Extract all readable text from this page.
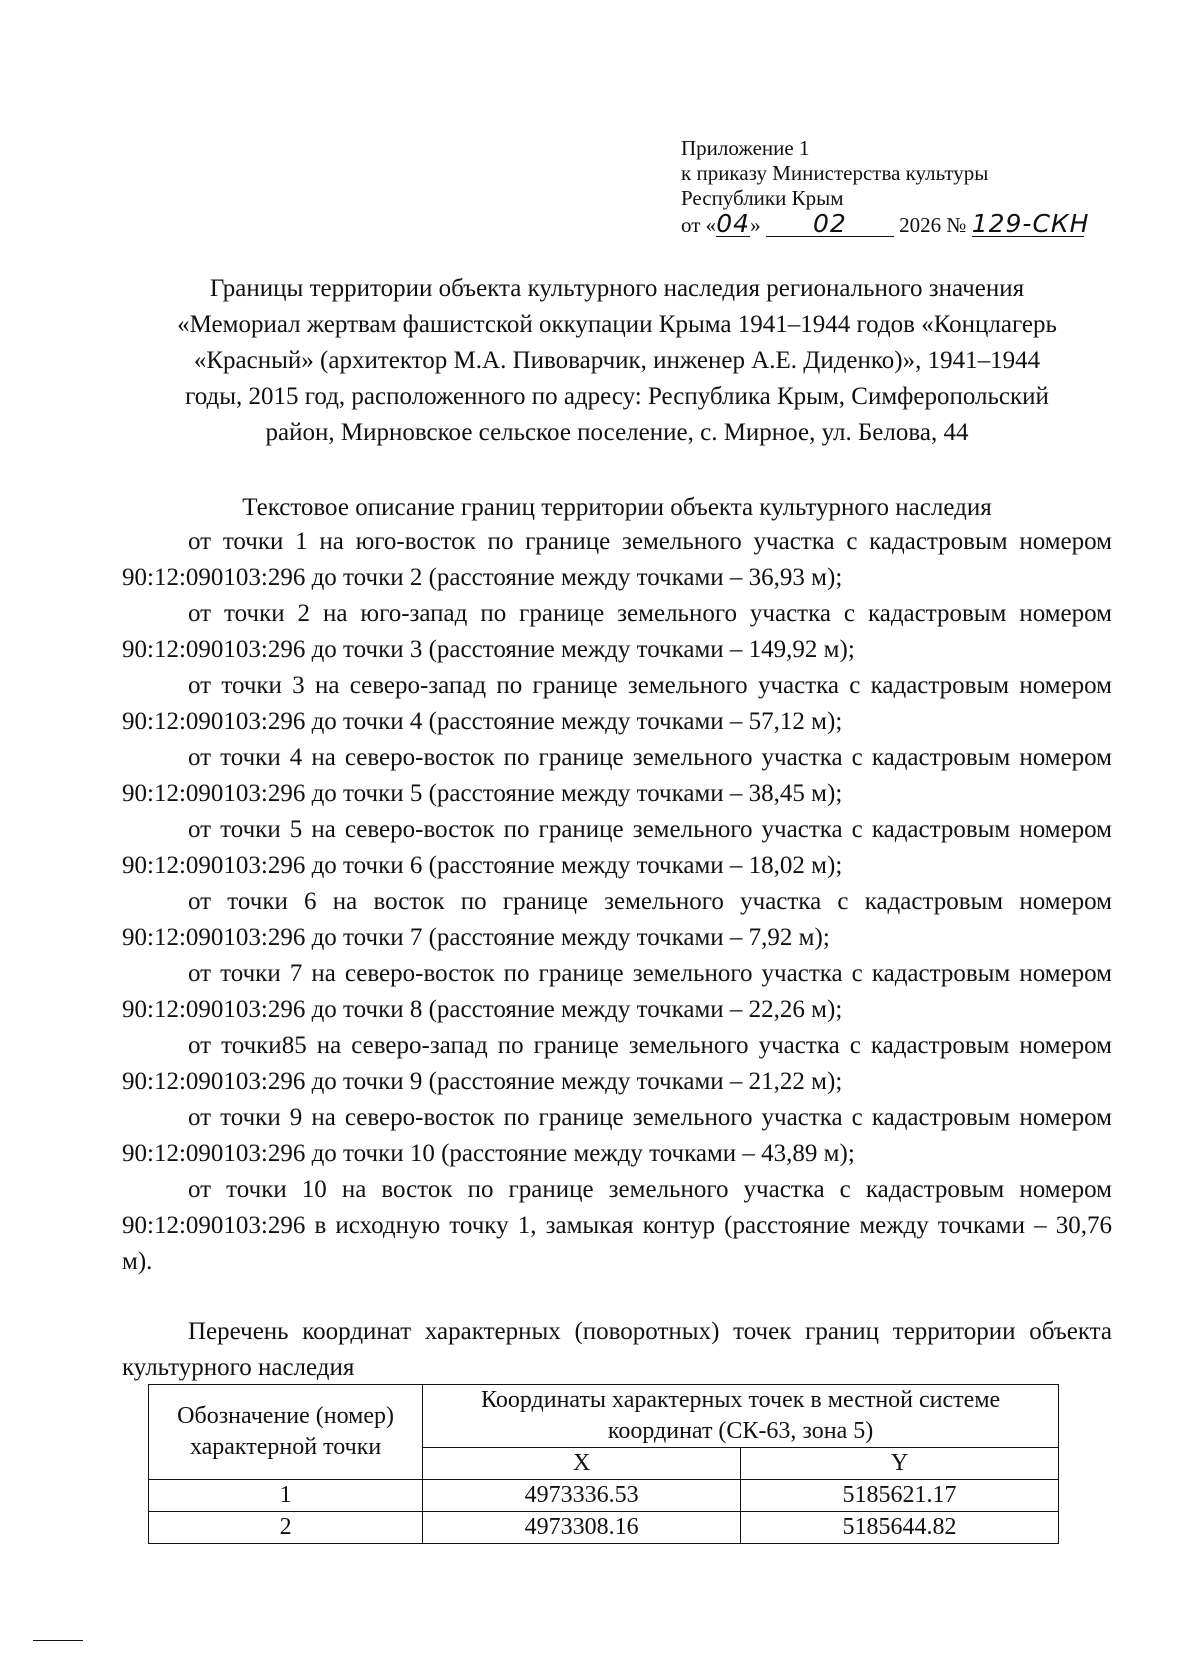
Приложение 1
к приказу Министерства культуры
Республики Крым
от «04» 02 2026 № 129-СКН
Границы территории объекта культурного наследия регионального значения
«Мемориал жертвам фашистской оккупации Крыма 1941–1944 годов «Концлагерь
«Красный» (архитектор М.А. Пивоварчик, инженер А.Е. Диденко)», 1941–1944
годы, 2015 год, расположенного по адресу: Республика Крым, Симферопольский
район, Мирновское сельское поселение, с. Мирное, ул. Белова, 44
Текстовое описание границ территории объекта культурного наследия

от точки 1 на юго-восток по границе земельного участка с кадастровым номером 90:12:090103:296 до точки 2 (расстояние между точками – 36,93 м);

от точки 2 на юго-запад по границе земельного участка с кадастровым номером 90:12:090103:296 до точки 3 (расстояние между точками – 149,92 м);

от точки 3 на северо-запад по границе земельного участка с кадастровым номером 90:12:090103:296 до точки 4 (расстояние между точками – 57,12 м);

от точки 4 на северо-восток по границе земельного участка с кадастровым номером 90:12:090103:296 до точки 5 (расстояние между точками – 38,45 м);

от точки 5 на северо-восток по границе земельного участка с кадастровым номером 90:12:090103:296 до точки 6 (расстояние между точками – 18,02 м);

от точки 6 на восток по границе земельного участка с кадастровым номером 90:12:090103:296 до точки 7 (расстояние между точками – 7,92 м);

от точки 7 на северо-восток по границе земельного участка с кадастровым номером 90:12:090103:296 до точки 8 (расстояние между точками – 22,26 м);

от точки85 на северо-запад по границе земельного участка с кадастровым номером 90:12:090103:296 до точки 9 (расстояние между точками – 21,22 м);

от точки 9 на северо-восток по границе земельного участка с кадастровым номером 90:12:090103:296 до точки 10 (расстояние между точками – 43,89 м);

от точки 10 на восток по границе земельного участка с кадастровым номером 90:12:090103:296 в исходную точку 1, замыкая контур (расстояние между точками – 30,76 м).

Перечень координат характерных (поворотных) точек границ территории объекта культурного наследия
Обозначение (номер) характерной точки	Координаты характерных точек в местной системе координат (СК-63, зона 5)	
	X	Y
1	4973336.53	5185621.17
2	4973308.16	5185644.82
